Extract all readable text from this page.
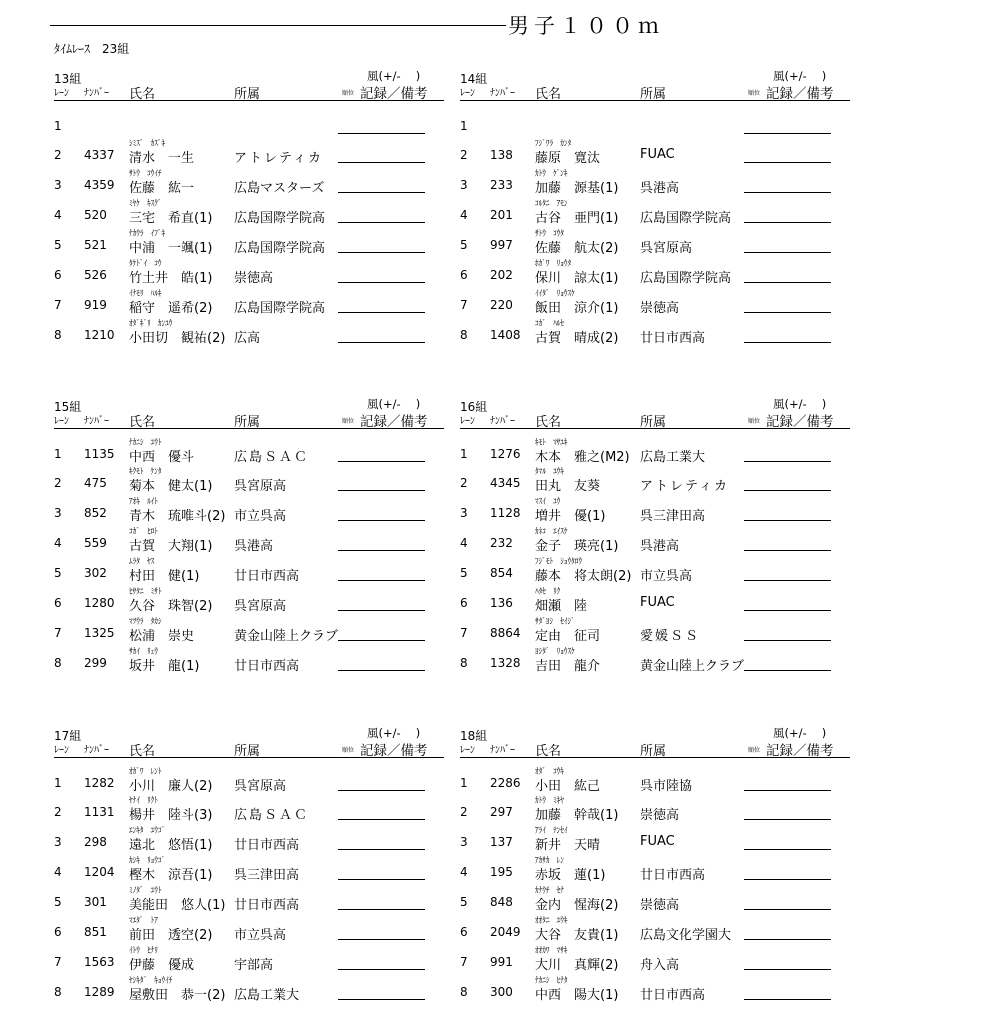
男子１００ｍ
ﾀｲﾑﾚｰｽ　23組
13組	風(+/-　 )
ﾚｰﾝ ﾅﾝﾊﾞｰ 氏名	所属	順位 記録／備考
1
2 4337
ｼﾐｽﾞ　ｶｽﾞｷ
清水　一生	アトレティカ
3 4359
ｻﾄｳ　ｺｳｲﾁ
佐藤　紘一	広島マスターズ
4 520
ﾐﾔｹ　ｷｽｸﾞ
三宅　希直(1) 広島国際学院高
5 521
ﾅｶｳﾗ　ｲﾌﾞｷ
中浦　一颯(1) 広島国際学院高
6 526
ﾀｹﾄﾞｲ　ｺｳ
竹土井　皓(1) 崇徳高
7 919
ｲﾅﾓﾘ　ﾊﾙｷ
稲守　遥希(2) 広島国際学院高
8 1210
ｵﾀﾞｷﾞﾘ　ｶﾝﾕｳ
小田切　観祐(2) 広高
14組	風(+/-　 )
ﾚｰﾝ ﾅﾝﾊﾞｰ 氏名	所属	順位 記録／備考
1
2 138
ﾌｼﾞﾜﾗ　ｶﾝﾀ
藤原　寛汰	FUAC
3 233
ｶﾄｳ　ｹﾞﾝｷ
加藤　源基(1) 呉港高
4 201
ｺﾙﾀﾆ　ｱﾓﾝ
古谷　亜門(1) 広島国際学院高
5 997
ｻﾄｳ　ｺｳﾀ
佐藤　航太(2) 呉宮原高
6 202
ﾎｶﾞﾜ　ﾘｮｳﾀ
保川　諒太(1) 広島国際学院高
7 220
ｲｲﾀﾞ　ﾘｮｳｽｹ
飯田　涼介(1) 崇徳高
8 1408
ｺｶﾞ　ﾊﾙｾ
古賀　晴成(2) 廿日市西高
15組	風(+/-　 )
ﾚｰﾝ ﾅﾝﾊﾞｰ 氏名	所属	順位 記録／備考
1 1135
ﾅｶﾆｼ　ﾕｳﾄ
中西　優斗	広島ＳＡＣ
2 475
ｷｸﾓﾄ　ｹﾝﾀ
菊本　健太(1) 呉宮原高
3 852
ｱｵｷ　ﾙｲﾄ
青木　琉唯斗(2) 市立呉高
4 559
ｺｶﾞ　ﾋﾛﾄ
古賀　大翔(1) 呉港高
5 302
ﾑﾗﾀ　ﾔｽ
村田　健(1)	廿日市西高
6 1280
ﾋｻﾀﾆ　ﾐｻﾄ
久谷　珠智(2) 呉宮原高
7 1325
ﾏﾂｳﾗ　ﾀｶｼ
松浦　崇史	黄金山陸上クラブ
8 299
ｻｶｲ　ﾘｭｳ
坂井　龍(1)	廿日市西高
16組	風(+/-　 )
ﾚｰﾝ ﾅﾝﾊﾞｰ 氏名	所属	順位 記録／備考
1 1276
ｷﾓﾄ　ﾏｻﾕｷ
木本　雅之(M2) 広島工業大
2 4345
ﾀﾏﾙ　ﾕｳｷ
田丸　友葵	アトレティカ
3 1128
ﾏｽｲ　ﾕｳ
増井　優(1)	呉三津田高
4 232
ｶﾈｺ　ｴｲｽｹ
金子　瑛亮(1) 呉港高
5 854
ﾌｼﾞﾓﾄ　ｼｮｳﾀﾛｳ
藤本　将太朗(2) 市立呉高
6 136
ﾊﾀｾ　ﾘｸ
畑瀬　陸	FUAC
7 8864
ｻﾀﾞﾖｼ　ｾｲｼﾞ
定由　征司	愛媛ＳＳ
8 1328
ﾖｼﾀﾞ　ﾘｮｳｽｹ
吉田　龍介	黄金山陸上クラブ
17組	風(+/-　 )
ﾚｰﾝ ﾅﾝﾊﾞｰ 氏名	所属	順位 記録／備考
1 1282
ｵｶﾞﾜ　ﾚﾝﾄ
小川　廉人(2) 呉宮原高
2 1131
ﾔﾅｲ　ﾘｸﾄ
楊井　陸斗(3) 広島ＳＡＣ
3 298
ｴﾝｷﾀ　ﾕｳｺﾞ
遠北　悠悟(1) 廿日市西高
4 1204
ｶｼｷ　ﾘｮｳｺﾞ
樫木　涼吾(1) 呉三津田高
5 301
ﾐﾉﾀﾞ　ﾕｳﾄ
美能田　悠人(1) 廿日市西高
6 851
ﾏｴﾀﾞ　ﾄｱ
前田　透空(2) 市立呉高
7 1563
ｲﾄｳ　ﾋﾅﾘ
伊藤　優成	宇部高
8 1289
ﾔｼｷﾀﾞ　ｷｮｳｲﾁ
屋敷田　恭一(2) 広島工業大
18組	風(+/-　 )
ﾚｰﾝ ﾅﾝﾊﾞｰ 氏名	所属	順位 記録／備考
1 2286
ｵﾀﾞ　ｺｳｷ
小田　紘己	呉市陸協
2 297
ｶﾄｳ　ﾐｷﾔ
加藤　幹哉(1) 崇徳高
3 137
ｱﾗｲ　ﾃﾝｾｲ
新井　天晴	FUAC
4 195
ｱｶｻｶ　ﾚﾝ
赤坂　蓮(1)	廿日市西高
5 848
ｶﾅｳﾁ　ｾﾅ
金内　惺海(2) 崇徳高
6 2049
ｵｵﾀﾆ　ﾕｳｷ
大谷　友貴(1) 広島文化学園大
7 991
ｵｵｶﾜ　ﾏｻｷ
大川　真輝(2) 舟入高
8 300
ﾅｶﾆｼ　ﾋﾅﾀ
中西　陽大(1) 廿日市西高
